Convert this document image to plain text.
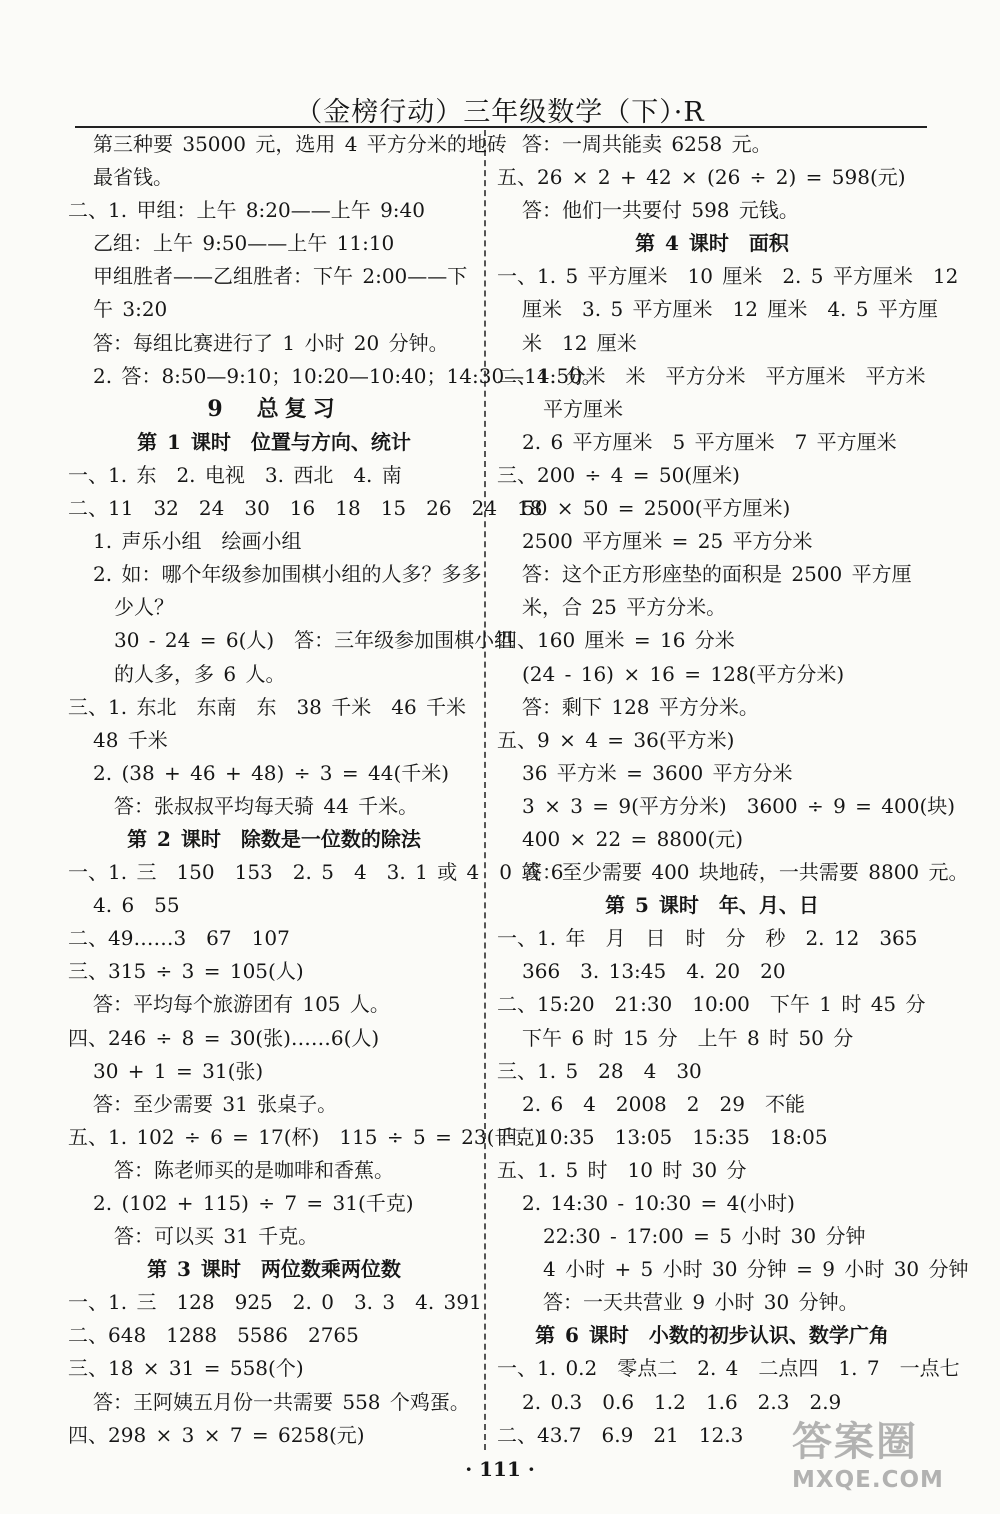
（金榜行动）三年级数学（下）·R
第三种要 35000 元，选用 4 平方分米的地砖
最省钱。
二、1. 甲组：上午 8:20——上午 9:40
乙组：上午 9:50——上午 11:10
甲组胜者——乙组胜者：下午 2:00——下
午 3:20
答：每组比赛进行了 1 小时 20 分钟。
2. 答：8:50—9:10；10:20—10:40；14:30—14:50。
9　总复习
第 1 课时　位置与方向、统计
一、1. 东　2. 电视　3. 西北　4. 南
二、11　32　24　30　16　18　15　26　24　18
1. 声乐小组　绘画小组
2. 如：哪个年级参加围棋小组的人多？多多
少人？
30 - 24 = 6(人)　答：三年级参加围棋小组
的人多，多 6 人。
三、1. 东北　东南　东　38 千米　46 千米
48 千米
2. (38 + 46 + 48) ÷ 3 = 44(千米)
答：张叔叔平均每天骑 44 千米。
第 2 课时　除数是一位数的除法
一、1. 三　150　153　2. 5　4　3. 1 或 4　0 或 6
4. 6　55
二、49……3　67　107
三、315 ÷ 3 = 105(人)
答：平均每个旅游团有 105 人。
四、246 ÷ 8 = 30(张)……6(人)
30 + 1 = 31(张)
答：至少需要 31 张桌子。
五、1. 102 ÷ 6 = 17(杯)　115 ÷ 5 = 23(千克)
答：陈老师买的是咖啡和香蕉。
2. (102 + 115) ÷ 7 = 31(千克)
答：可以买 31 千克。
第 3 课时　两位数乘两位数
一、1. 三　128　925　2. 0　3. 3　4. 391
二、648　1288　5586　2765
三、18 × 31 = 558(个)
答：王阿姨五月份一共需要 558 个鸡蛋。
四、298 × 3 × 7 = 6258(元)
答：一周共能卖 6258 元。
五、26 × 2 + 42 × (26 ÷ 2) = 598(元)
答：他们一共要付 598 元钱。
第 4 课时　面积
一、1. 5 平方厘米　10 厘米　2. 5 平方厘米　12
厘米　3. 5 平方厘米　12 厘米　4. 5 平方厘
米　12 厘米
二、1. 分米　米　平方分米　平方厘米　平方米
平方厘米
2. 6 平方厘米　5 平方厘米　7 平方厘米
三、200 ÷ 4 = 50(厘米)
50 × 50 = 2500(平方厘米)
2500 平方厘米 = 25 平方分米
答：这个正方形座垫的面积是 2500 平方厘
米，合 25 平方分米。
四、160 厘米 = 16 分米
(24 - 16) × 16 = 128(平方分米)
答：剩下 128 平方分米。
五、9 × 4 = 36(平方米)
36 平方米 = 3600 平方分米
3 × 3 = 9(平方分米)　3600 ÷ 9 = 400(块)
400 × 22 = 8800(元)
答：至少需要 400 块地砖，一共需要 8800 元。
第 5 课时　年、月、日
一、1. 年　月　日　时　分　秒　2. 12　365
366　3. 13:45　4. 20　20
二、15:20　21:30　10:00　下午 1 时 45 分
下午 6 时 15 分　上午 8 时 50 分
三、1. 5　28　4　30
2. 6　4　2008　2　29　不能
四、10:35　13:05　15:35　18:05
五、1. 5 时　10 时 30 分
2. 14:30 - 10:30 = 4(小时)
22:30 - 17:00 = 5 小时 30 分钟
4 小时 + 5 小时 30 分钟 = 9 小时 30 分钟
答：一天共营业 9 小时 30 分钟。
第 6 课时　小数的初步认识、数学广角
一、1. 0.2　零点二　2. 4　二点四　1. 7　一点七
2. 0.3　0.6　1.2　1.6　2.3　2.9
二、43.7　6.9　21　12.3
· 111 ·
答案圈
MXQE.COM
